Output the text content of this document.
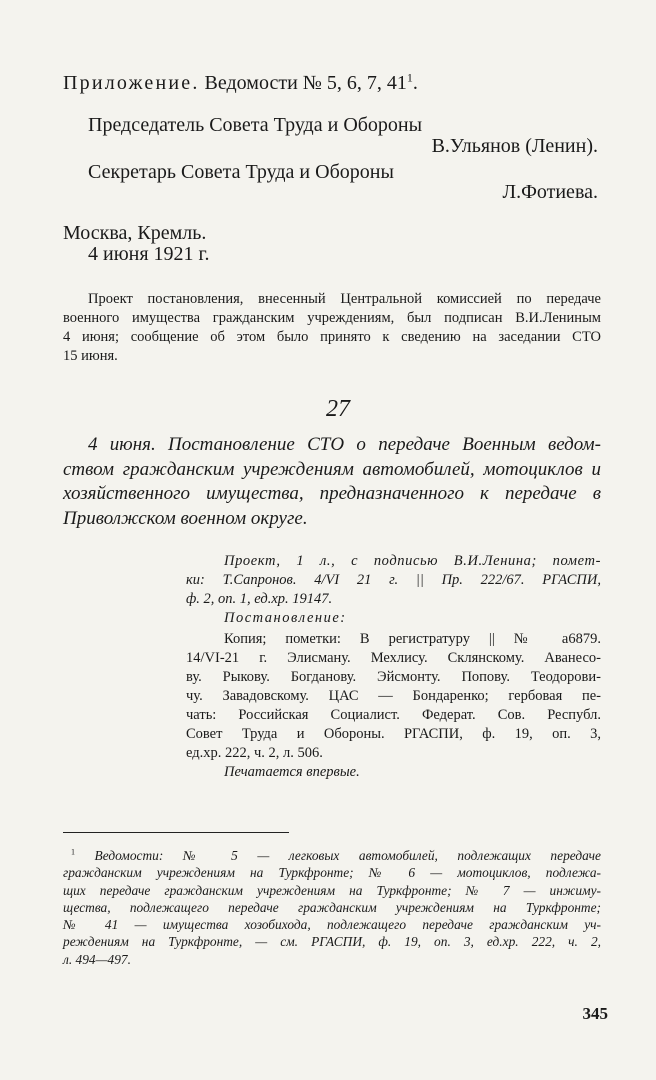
Приложение. Ведомости № 5, 6, 7, $41^1$.
Председатель Совета Труда и Обороны
В.Ульянов (Ленин).
Секретарь Совета Труда и Обороны
Л.Фотиева.
Москва, Кремль.
4 июня 1921 г.
Проект постановления, внесенный Центральной комиссией по передаче
военного имущества гражданским учреждениям, был подписан В.И.Лениным
4 июня; сообщение об этом было принято к сведению на заседании СТО
15 июня.
27
4 июня. Постановление СТО о передаче Военным ведом-
ством гражданским учреждениям автомобилей, мотоциклов и
хозяйственного имущества, предназначенного к передаче в
Приволжском военном округе.
Проект, 1 л., с подписью В.И.Ленина; помет-
ки: Т.Сапронов. 4/VI 21 г. || Пр. 222/67. РГАСПИ,
ф. 2, оп. 1, ед.хр. 19147.
Постановление:
Копия; пометки: В регистратуру || № а6879.
14/VI-21 г. Элисману. Мехлису. Склянскому. Аванесо-
ву. Рыкову. Богданову. Эйсмонту. Попову. Теодорови-
чу. Завадовскому. ЦАС — Бондаренко; гербовая пе-
чать: Российская Социалист. Федерат. Сов. Республ.
Совет Труда и Обороны. РГАСПИ, ф. 19, оп. 3,
ед.хр. 222, ч. 2, л. 506.
Печатается впервые.
$^1$ Ведомости: № 5 — легковых автомобилей, подлежащих передаче
гражданским учреждениям на Туркфронте; № 6 — мотоциклов, подлежа-
щих передаче гражданским учреждениям на Туркфронте; № 7 — инжиму-
щества, подлежащего передаче гражданским учреждениям на Туркфронте;
№ 41 — имущества хозобихода, подлежащего передаче гражданским уч-
реждениям на Туркфронте, — см. РГАСПИ, ф. 19, оп. 3, ед.хр. 222, ч. 2,
л. 494—497.
345
